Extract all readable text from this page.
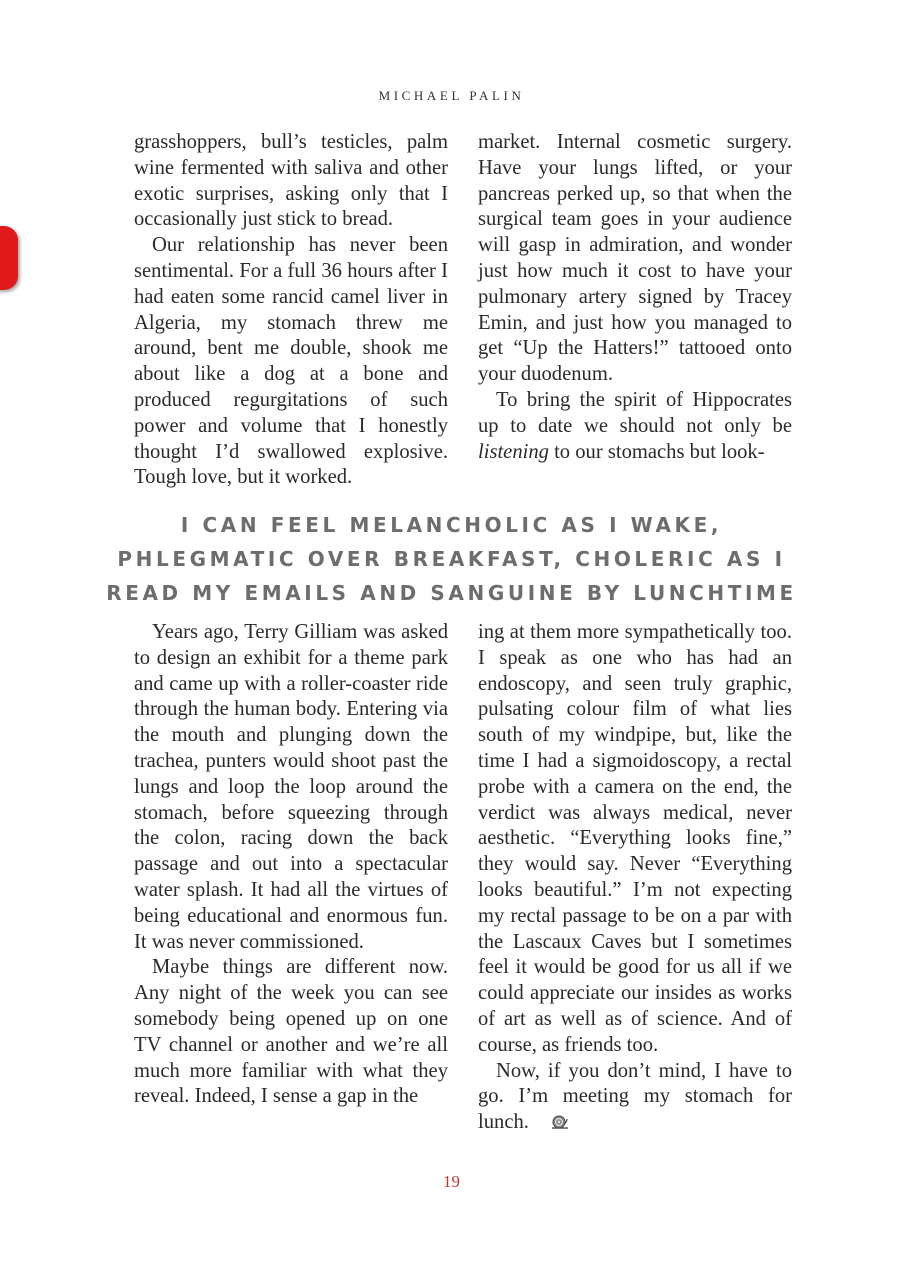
MICHAEL PALIN

grasshoppers, bull’s testicles, palm wine fermented with saliva and other exotic surprises, asking only that I occasionally just stick to bread.

Our relationship has never been sentimental. For a full 36 hours after I had eaten some rancid camel liver in Algeria, my stomach threw me around, bent me double, shook me about like a dog at a bone and produced regurgitations of such power and volume that I honestly thought I’d swallowed explosive. Tough love, but it worked.

market. Internal cosmetic surgery. Have your lungs lifted, or your pancreas perked up, so that when the surgical team goes in your audience will gasp in admiration, and wonder just how much it cost to have your pulmonary artery signed by Tracey Emin, and just how you managed to get “Up the Hatters!” tattooed onto your duodenum.

To bring the spirit of Hippocrates up to date we should not only be listening to our stomachs but look-

I CAN FEEL MELANCHOLIC AS I WAKE,
PHLEGMATIC OVER BREAKFAST, CHOLERIC AS I
READ MY EMAILS AND SANGUINE BY LUNCHTIME

Years ago, Terry Gilliam was asked to design an exhibit for a theme park and came up with a roller-coaster ride through the human body. Entering via the mouth and plunging down the trachea, punters would shoot past the lungs and loop the loop around the stomach, before squeezing through the colon, racing down the back passage and out into a spectacular water splash. It had all the virtues of being educational and enormous fun. It was never commissioned.

Maybe things are different now. Any night of the week you can see somebody being opened up on one TV channel or another and we’re all much more familiar with what they reveal. Indeed, I sense a gap in the

ing at them more sympathetically too. I speak as one who has had an endoscopy, and seen truly graphic, pulsating colour film of what lies south of my windpipe, but, like the time I had a sigmoidoscopy, a rectal probe with a camera on the end, the verdict was always medical, never aesthetic. “Everything looks fine,” they would say. Never “Everything looks beautiful.” I’m not expecting my rectal passage to be on a par with the Lascaux Caves but I sometimes feel it would be good for us all if we could appreciate our insides as works of art as well as of science. And of course, as friends too.

Now, if you don’t mind, I have to go. I’m meeting my stomach for lunch.

19
